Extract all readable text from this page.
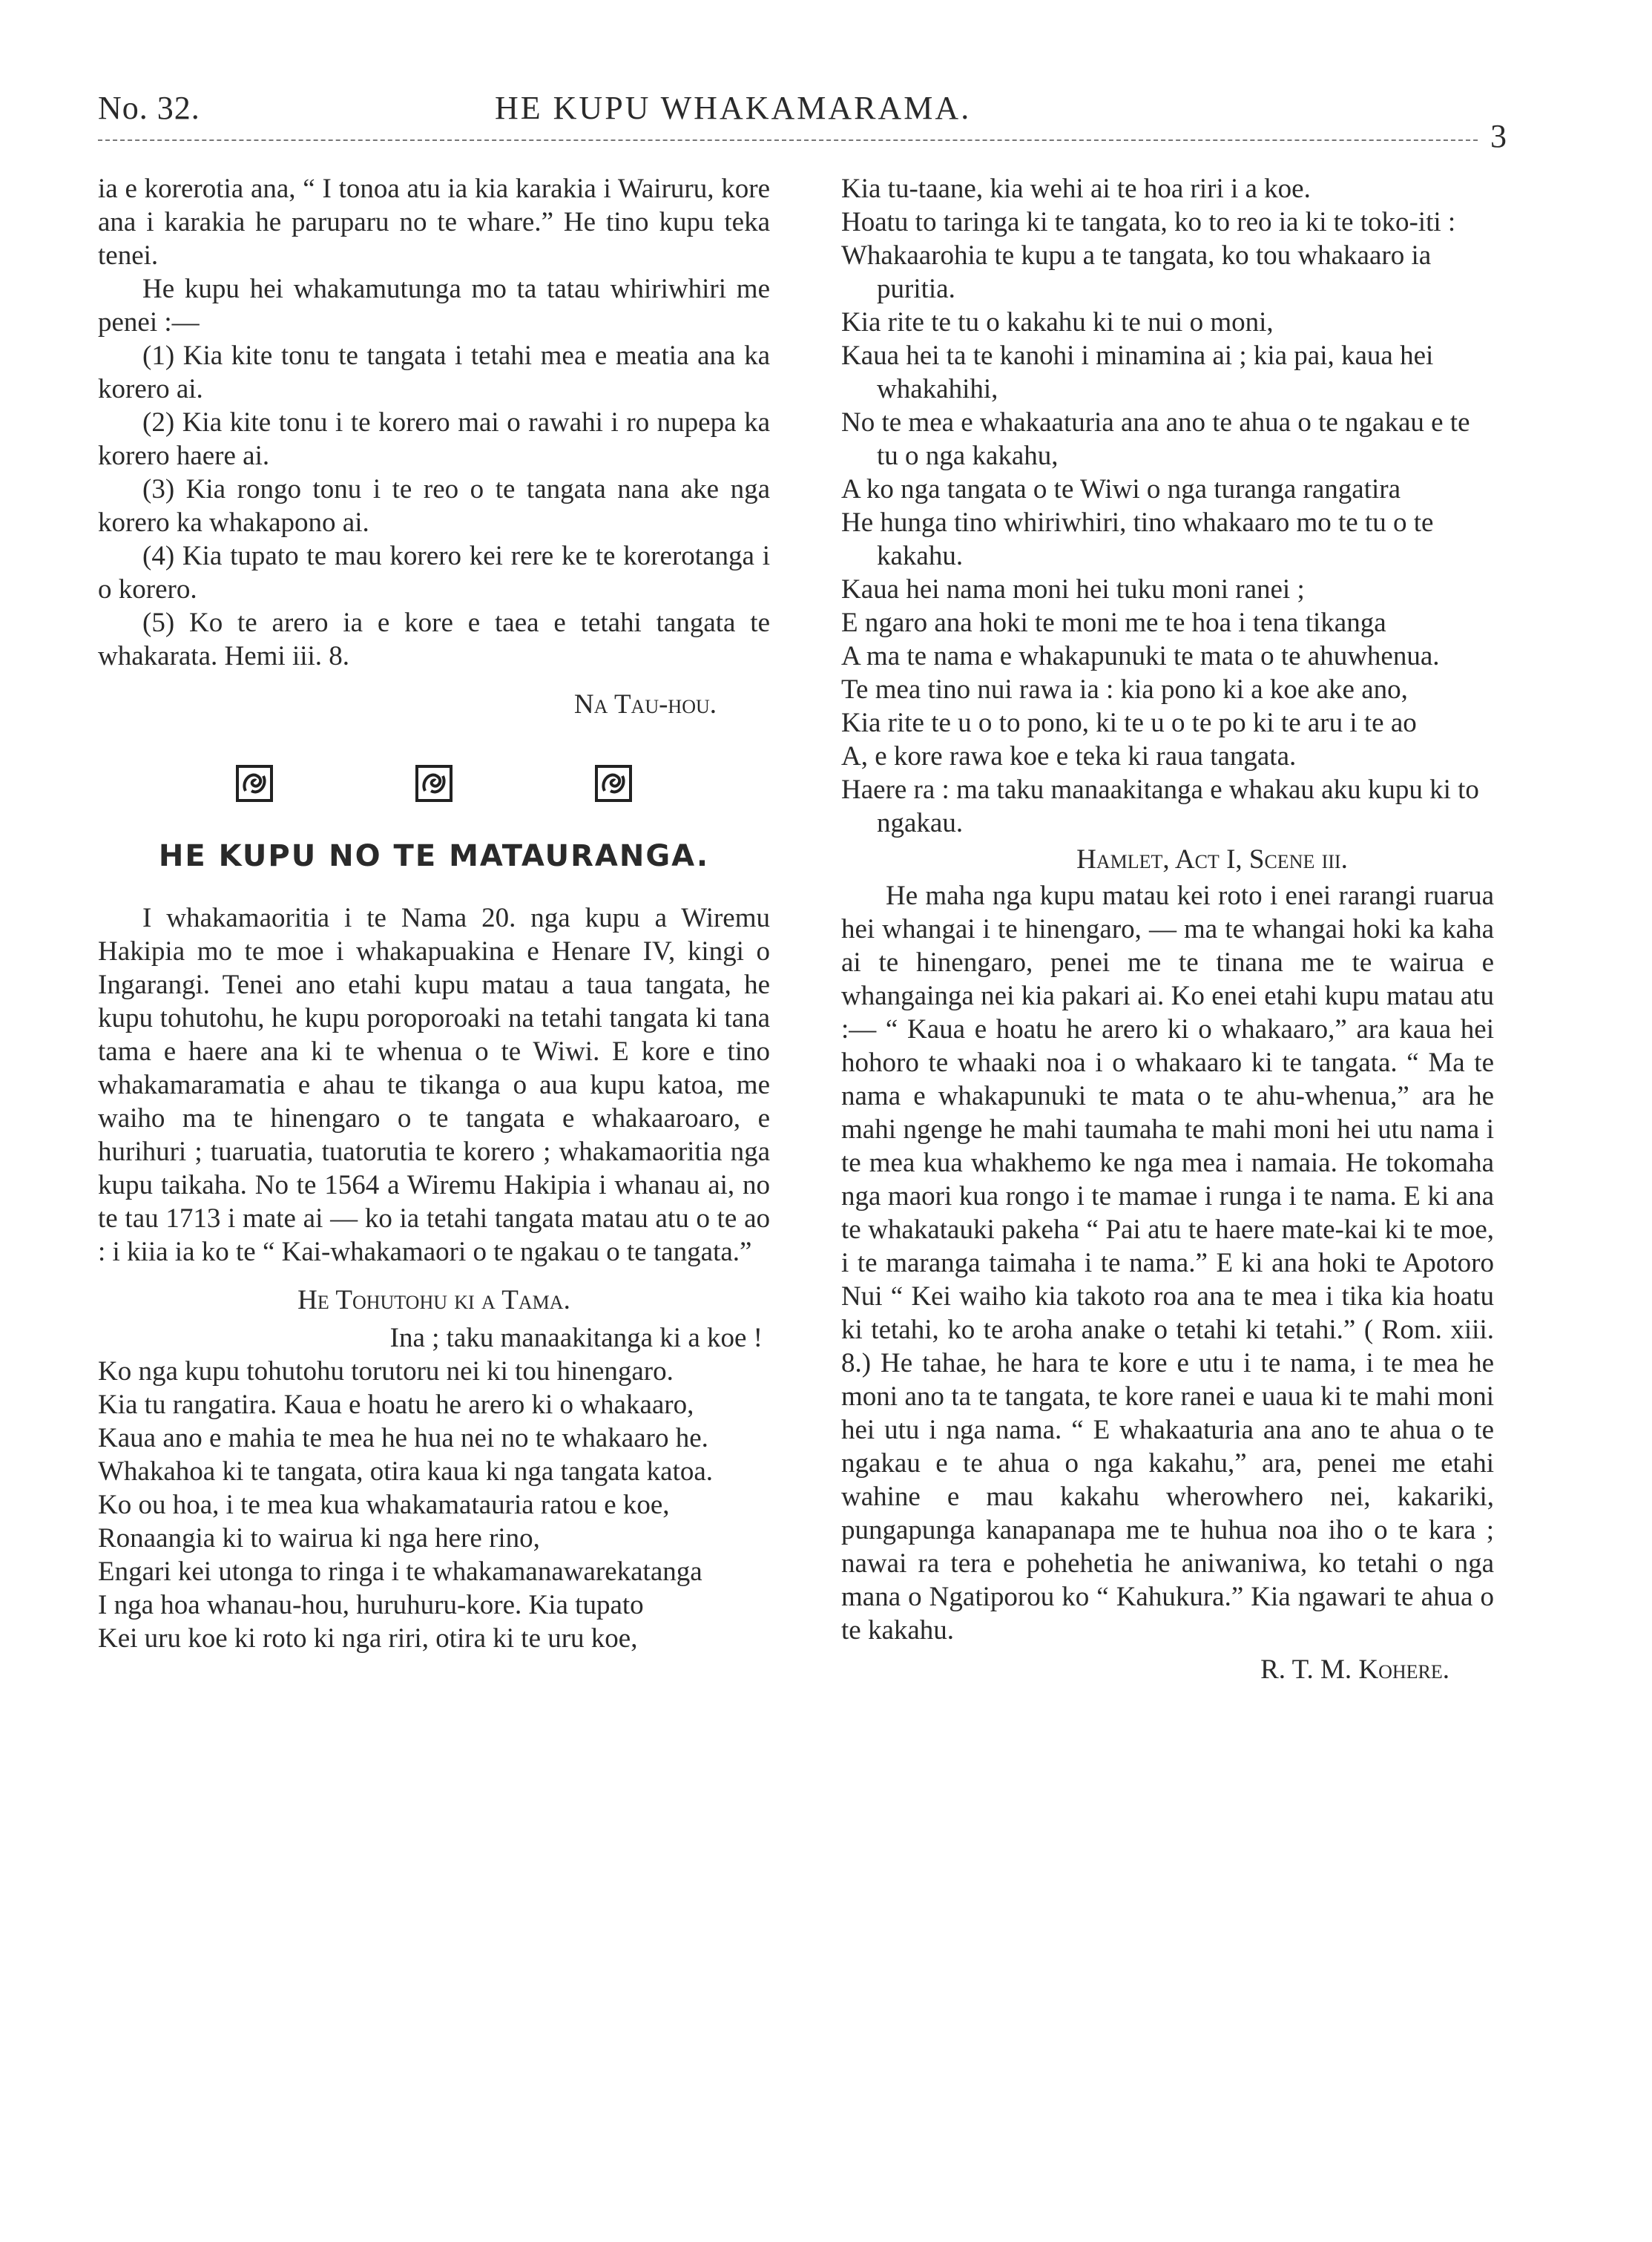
No. 32.	HE KUPU WHAKAMARAMA.
3

ia e korerotia ana, “ I tonoa atu ia kia karakia i Wairuru, kore ana i karakia he paruparu no te whare.” He tino kupu teka tenei.

He kupu hei whakamutunga mo ta tatau whiriwhiri me penei :—

(1) Kia kite tonu te tangata i tetahi mea e meatia ana ka korero ai.

(2) Kia kite tonu i te korero mai o rawahi i ro nupepa ka korero haere ai.

(3) Kia rongo tonu i te reo o te tangata nana ake nga korero ka whakapono ai.

(4) Kia tupato te mau korero kei rere ke te korerotanga i o korero.

(5) Ko te arero ia e kore e taea e tetahi tangata te whakarata. Hemi iii. 8.

Na Tau-hou.

HE KUPU NO TE MATAURANGA.

I whakamaoritia i te Nama 20. nga kupu a Wiremu Hakipia mo te moe i whakapuakina e Henare IV, kingi o Ingarangi. Tenei ano etahi kupu matau a taua tangata, he kupu tohutohu, he kupu poroporoaki na tetahi tangata ki tana tama e haere ana ki te whenua o te Wiwi. E kore e tino whakamaramatia e ahau te tikanga o aua kupu katoa, me waiho ma te hinengaro o te tangata e whakaaroaro, e hurihuri ; tuaruatia, tuatorutia te korero ; whakamaoritia nga kupu taikaha. No te 1564 a Wiremu Hakipia i whanau ai, no te tau 1713 i mate ai — ko ia tetahi tangata matau atu o te ao : i kiia ia ko te “ Kai-whakamaori o te ngakau o te tangata.”

He Tohutohu ki a Tama.

Ina ; taku manaakitanga ki a koe !

Ko nga kupu tohutohu torutoru nei ki tou hinengaro.

Kia tu rangatira. Kaua e hoatu he arero ki o whakaaro,

Kaua ano e mahia te mea he hua nei no te whakaaro he.

Whakahoa ki te tangata, otira kaua ki nga tangata katoa.

Ko ou hoa, i te mea kua whakamatauria ratou e koe,

Ronaangia ki to wairua ki nga here rino,

Engari kei utonga to ringa i te whakamanawarekatanga

I nga hoa whanau-hou, huruhuru-kore. Kia tupato

Kei uru koe ki roto ki nga riri, otira ki te uru koe,

Kia tu-taane, kia wehi ai te hoa riri i a koe.

Hoatu to taringa ki te tangata, ko to reo ia ki te toko-iti :

Whakaarohia te kupu a te tangata, ko tou whakaaro ia puritia.

Kia rite te tu o kakahu ki te nui o moni,

Kaua hei ta te kanohi i minamina ai ; kia pai, kaua hei whakahihi,

No te mea e whakaaturia ana ano te ahua o te ngakau e te tu o nga kakahu,

A ko nga tangata o te Wiwi o nga turanga rangatira

He hunga tino whiriwhiri, tino whakaaro mo te tu o te kakahu.

Kaua hei nama moni hei tuku moni ranei ;

E ngaro ana hoki te moni me te hoa i tena tikanga

A ma te nama e whakapunuki te mata o te ahuwhenua.

Te mea tino nui rawa ia : kia pono ki a koe ake ano,

Kia rite te u o to pono, ki te u o te po ki te aru i te ao

A, e kore rawa koe e teka ki raua tangata.

Haere ra : ma taku manaakitanga e whakau aku kupu ki to ngakau.

Hamlet, Act I, Scene iii.

He maha nga kupu matau kei roto i enei rarangi ruarua hei whangai i te hinengaro, — ma te whangai hoki ka kaha ai te hinengaro, penei me te tinana me te wairua e whangainga nei kia pakari ai. Ko enei etahi kupu matau atu :— “ Kaua e hoatu he arero ki o whakaaro,” ara kaua hei hohoro te whaaki noa i o whakaaro ki te tangata. “ Ma te nama e whakapunuki te mata o te ahu-whenua,” ara he mahi ngenge he mahi taumaha te mahi moni hei utu nama i te mea kua whakhemo ke nga mea i namaia. He tokomaha nga maori kua rongo i te mamae i runga i te nama. E ki ana te whakatauki pakeha “ Pai atu te haere mate-kai ki te moe, i te maranga taimaha i te nama.” E ki ana hoki te Apotoro Nui “ Kei waiho kia takoto roa ana te mea i tika kia hoatu ki tetahi, ko te aroha anake o tetahi ki tetahi.” ( Rom. xiii. 8.) He tahae, he hara te kore e utu i te nama, i te mea he moni ano ta te tangata, te kore ranei e uaua ki te mahi moni hei utu i nga nama. “ E whakaaturia ana ano te ahua o te ngakau e te ahua o nga kakahu,” ara, penei me etahi wahine e mau kakahu wherowhero nei, kakariki, pungapunga kanapanapa me te huhua noa iho o te kara ; nawai ra tera e pohehetia he aniwaniwa, ko tetahi o nga mana o Ngatiporou ko “ Kahukura.” Kia ngawari te ahua o te kakahu.

R. T. M. Kohere.
